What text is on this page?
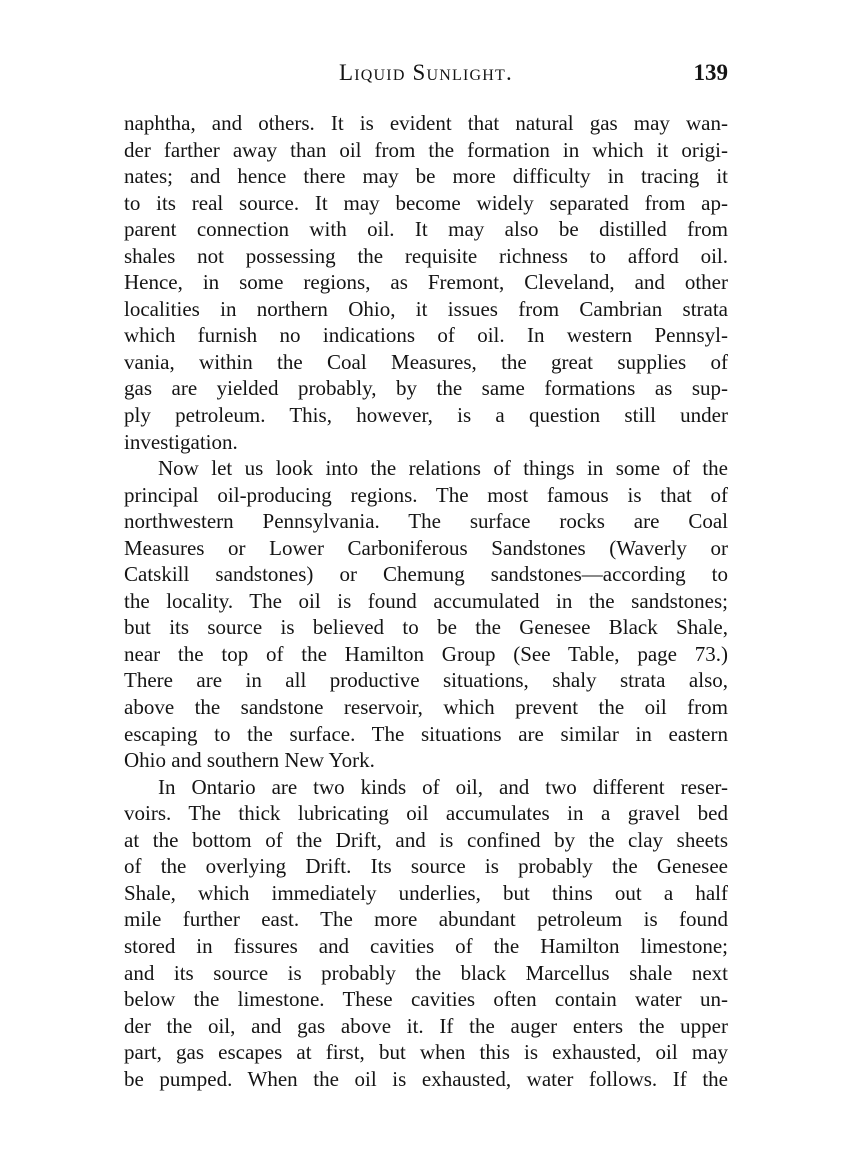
Liquid Sunlight.	139
naphtha, and others. It is evident that natural gas may wan-
der farther away than oil from the formation in which it origi-
nates; and hence there may be more difficulty in tracing it
to its real source. It may become widely separated from ap-
parent connection with oil. It may also be distilled from
shales not possessing the requisite richness to afford oil.
Hence, in some regions, as Fremont, Cleveland, and other
localities in northern Ohio, it issues from Cambrian strata
which furnish no indications of oil. In western Pennsyl-
vania, within the Coal Measures, the great supplies of
gas are yielded probably, by the same formations as sup-
ply petroleum. This, however, is a question still under
investigation.
Now let us look into the relations of things in some of the
principal oil-producing regions. The most famous is that of
northwestern Pennsylvania. The surface rocks are Coal
Measures or Lower Carboniferous Sandstones (Waverly or
Catskill sandstones) or Chemung sandstones—according to
the locality. The oil is found accumulated in the sandstones;
but its source is believed to be the Genesee Black Shale,
near the top of the Hamilton Group (See Table, page 73.)
There are in all productive situations, shaly strata also,
above the sandstone reservoir, which prevent the oil from
escaping to the surface. The situations are similar in eastern
Ohio and southern New York.
In Ontario are two kinds of oil, and two different reser-
voirs. The thick lubricating oil accumulates in a gravel bed
at the bottom of the Drift, and is confined by the clay sheets
of the overlying Drift. Its source is probably the Genesee
Shale, which immediately underlies, but thins out a half
mile further east. The more abundant petroleum is found
stored in fissures and cavities of the Hamilton limestone;
and its source is probably the black Marcellus shale next
below the limestone. These cavities often contain water un-
der the oil, and gas above it. If the auger enters the upper
part, gas escapes at first, but when this is exhausted, oil may
be pumped. When the oil is exhausted, water follows. If the
